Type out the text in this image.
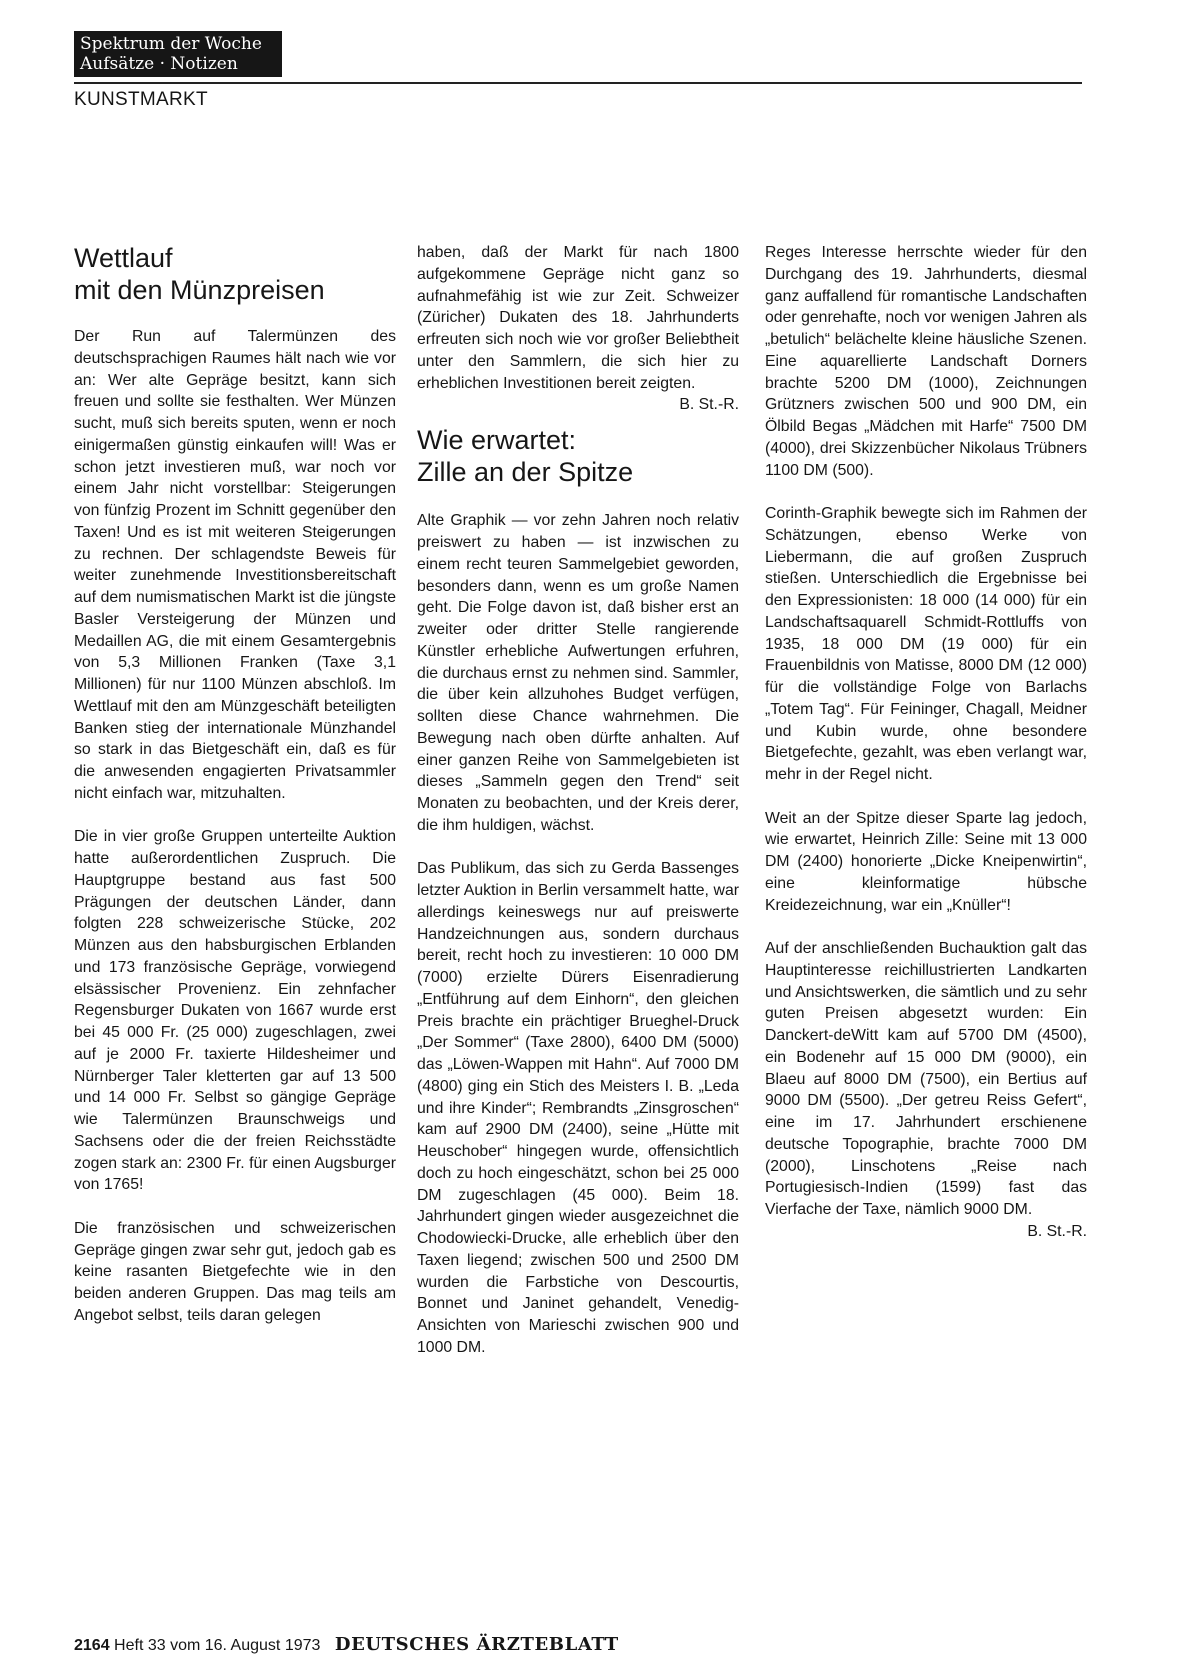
Spektrum der Woche
Aufsätze · Notizen
KUNSTMARKT
Wettlauf
mit den Münzpreisen

Der Run auf Talermünzen des deutschsprachigen Raumes hält nach wie vor an: Wer alte Gepräge besitzt, kann sich freuen und sollte sie festhalten. Wer Münzen sucht, muß sich bereits sputen, wenn er noch einigermaßen günstig einkaufen will! Was er schon jetzt investieren muß, war noch vor einem Jahr nicht vorstellbar: Steigerungen von fünfzig Prozent im Schnitt gegenüber den Taxen! Und es ist mit weiteren Steigerungen zu rechnen. Der schlagendste Beweis für weiter zunehmende Investitionsbereitschaft auf dem numismatischen Markt ist die jüngste Basler Versteigerung der Münzen und Medaillen AG, die mit einem Gesamtergebnis von 5,3 Millionen Franken (Taxe 3,1 Millionen) für nur 1100 Münzen abschloß. Im Wettlauf mit den am Münzgeschäft beteiligten Banken stieg der internationale Münzhandel so stark in das Bietgeschäft ein, daß es für die anwesenden engagierten Privatsammler nicht einfach war, mitzuhalten.

Die in vier große Gruppen unterteilte Auktion hatte außerordentlichen Zuspruch. Die Hauptgruppe bestand aus fast 500 Prägungen der deutschen Länder, dann folgten 228 schweizerische Stücke, 202 Münzen aus den habsburgischen Erblanden und 173 französische Gepräge, vorwiegend elsässischer Provenienz. Ein zehnfacher Regensburger Dukaten von 1667 wurde erst bei 45 000 Fr. (25 000) zugeschlagen, zwei auf je 2000 Fr. taxierte Hildesheimer und Nürnberger Taler kletterten gar auf 13 500 und 14 000 Fr. Selbst so gängige Gepräge wie Talermünzen Braunschweigs und Sachsens oder die der freien Reichsstädte zogen stark an: 2300 Fr. für einen Augsburger von 1765!

Die französischen und schweizerischen Gepräge gingen zwar sehr gut, jedoch gab es keine rasanten Bietgefechte wie in den beiden anderen Gruppen. Das mag teils am Angebot selbst, teils daran gelegen

haben, daß der Markt für nach 1800 aufgekommene Gepräge nicht ganz so aufnahmefähig ist wie zur Zeit. Schweizer (Züricher) Dukaten des 18. Jahrhunderts erfreuten sich noch wie vor großer Beliebtheit unter den Sammlern, die sich hier zu erheblichen Investitionen bereit zeigten.
B. St.-R.

Wie erwartet:
Zille an der Spitze

Alte Graphik — vor zehn Jahren noch relativ preiswert zu haben — ist inzwischen zu einem recht teuren Sammelgebiet geworden, besonders dann, wenn es um große Namen geht. Die Folge davon ist, daß bisher erst an zweiter oder dritter Stelle rangierende Künstler erhebliche Aufwertungen erfuhren, die durchaus ernst zu nehmen sind. Sammler, die über kein allzuhohes Budget verfügen, sollten diese Chance wahrnehmen. Die Bewegung nach oben dürfte anhalten. Auf einer ganzen Reihe von Sammelgebieten ist dieses „Sammeln gegen den Trend“ seit Monaten zu beobachten, und der Kreis derer, die ihm huldigen, wächst.

Das Publikum, das sich zu Gerda Bassenges letzter Auktion in Berlin versammelt hatte, war allerdings keineswegs nur auf preiswerte Handzeichnungen aus, sondern durchaus bereit, recht hoch zu investieren: 10 000 DM (7000) erzielte Dürers Eisenradierung „Entführung auf dem Einhorn“, den gleichen Preis brachte ein prächtiger Brueghel-Druck „Der Sommer“ (Taxe 2800), 6400 DM (5000) das „Löwen-Wappen mit Hahn“. Auf 7000 DM (4800) ging ein Stich des Meisters I. B. „Leda und ihre Kinder“; Rembrandts „Zinsgroschen“ kam auf 2900 DM (2400), seine „Hütte mit Heuschober“ hingegen wurde, offensichtlich doch zu hoch eingeschätzt, schon bei 25 000 DM zugeschlagen (45 000). Beim 18. Jahrhundert gingen wieder ausgezeichnet die Chodowiecki-Drucke, alle erheblich über den Taxen liegend; zwischen 500 und 2500 DM wurden die Farbstiche von Descourtis, Bonnet und Janinet gehandelt, Venedig-Ansichten von Marieschi zwischen 900 und 1000 DM.

Reges Interesse herrschte wieder für den Durchgang des 19. Jahrhunderts, diesmal ganz auffallend für romantische Landschaften oder genrehafte, noch vor wenigen Jahren als „betulich“ belächelte kleine häusliche Szenen. Eine aquarellierte Landschaft Dorners brachte 5200 DM (1000), Zeichnungen Grützners zwischen 500 und 900 DM, ein Ölbild Begas „Mädchen mit Harfe“ 7500 DM (4000), drei Skizzenbücher Nikolaus Trübners 1100 DM (500).

Corinth-Graphik bewegte sich im Rahmen der Schätzungen, ebenso Werke von Liebermann, die auf großen Zuspruch stießen. Unterschiedlich die Ergebnisse bei den Expressionisten: 18 000 (14 000) für ein Landschaftsaquarell Schmidt-Rottluffs von 1935, 18 000 DM (19 000) für ein Frauenbildnis von Matisse, 8000 DM (12 000) für die vollständige Folge von Barlachs „Totem Tag“. Für Feininger, Chagall, Meidner und Kubin wurde, ohne besondere Bietgefechte, gezahlt, was eben verlangt war, mehr in der Regel nicht.

Weit an der Spitze dieser Sparte lag jedoch, wie erwartet, Heinrich Zille: Seine mit 13 000 DM (2400) honorierte „Dicke Kneipenwirtin“, eine kleinformatige hübsche Kreidezeichnung, war ein „Knüller“!

Auf der anschließenden Buchauktion galt das Hauptinteresse reichillustrierten Landkarten und Ansichtswerken, die sämtlich und zu sehr guten Preisen abgesetzt wurden: Ein Danckert-deWitt kam auf 5700 DM (4500), ein Bodenehr auf 15 000 DM (9000), ein Blaeu auf 8000 DM (7500), ein Bertius auf 9000 DM (5500). „Der getreu Reiss Gefert“, eine im 17. Jahrhundert erschienene deutsche Topographie, brachte 7000 DM (2000), Linschotens „Reise nach Portugiesisch-Indien (1599) fast das Vierfache der Taxe, nämlich 9000 DM.
B. St.-R.

2164 Heft 33 vom 16. August 1973 DEUTSCHES ÄRZTEBLATT
